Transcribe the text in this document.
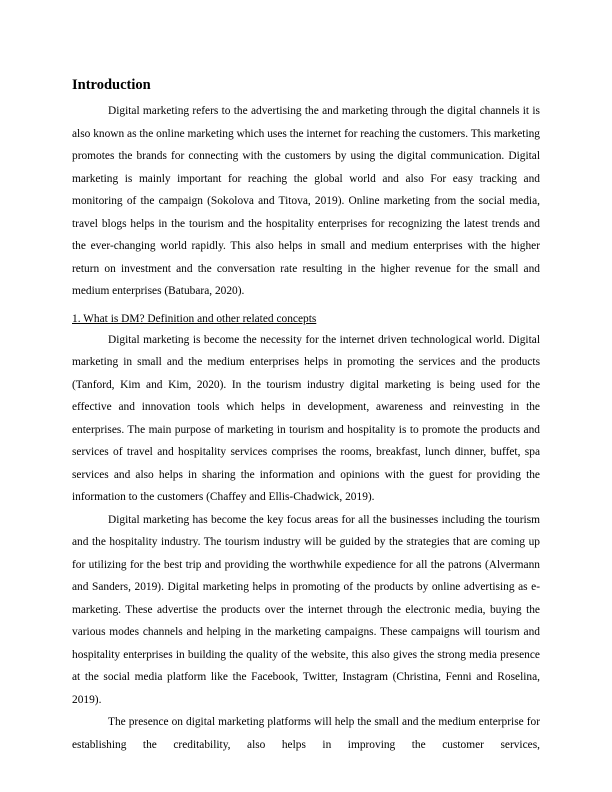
Introduction

Digital marketing refers to the advertising the and marketing through the digital channels it is also known as the online marketing which uses the internet for reaching the customers. This marketing promotes the brands for connecting with the customers by using the digital communication. Digital marketing is mainly important for reaching the global world and also For easy tracking and monitoring of the campaign (Sokolova and Titova, 2019). Online marketing from the social media, travel blogs helps in the tourism and the hospitality enterprises for recognizing the latest trends and the ever-changing world rapidly. This also helps in small and medium enterprises with the higher return on investment and the conversation rate resulting in the higher revenue for the small and medium enterprises (Batubara, 2020).

1. What is DM? Definition and other related concepts

Digital marketing is become the necessity for the internet driven technological world. Digital marketing in small and the medium enterprises helps in promoting the services and the products (Tanford, Kim and Kim, 2020). In the tourism industry digital marketing is being used for the effective and innovation tools which helps in development, awareness and reinvesting in the enterprises. The main purpose of marketing in tourism and hospitality is to promote the products and services of travel and hospitality services comprises the rooms, breakfast, lunch dinner, buffet, spa services and also helps in sharing the information and opinions with the guest for providing the information to the customers (Chaffey and Ellis-Chadwick, 2019).

Digital marketing has become the key focus areas for all the businesses including the tourism and the hospitality industry. The tourism industry will be guided by the strategies that are coming up for utilizing for the best trip and providing the worthwhile expedience for all the patrons (Alvermann and Sanders, 2019). Digital marketing helps in promoting of the products by online advertising as e- marketing. These advertise the products over the internet through the electronic media, buying the various modes channels and helping in the marketing campaigns. These campaigns will tourism and hospitality enterprises in building the quality of the website, this also gives the strong media presence at the social media platform like the Facebook, Twitter, Instagram (Christina, Fenni and Roselina, 2019).

The presence on digital marketing platforms will help the small and the medium enterprise for establishing the creditability, also helps in improving the customer services,
